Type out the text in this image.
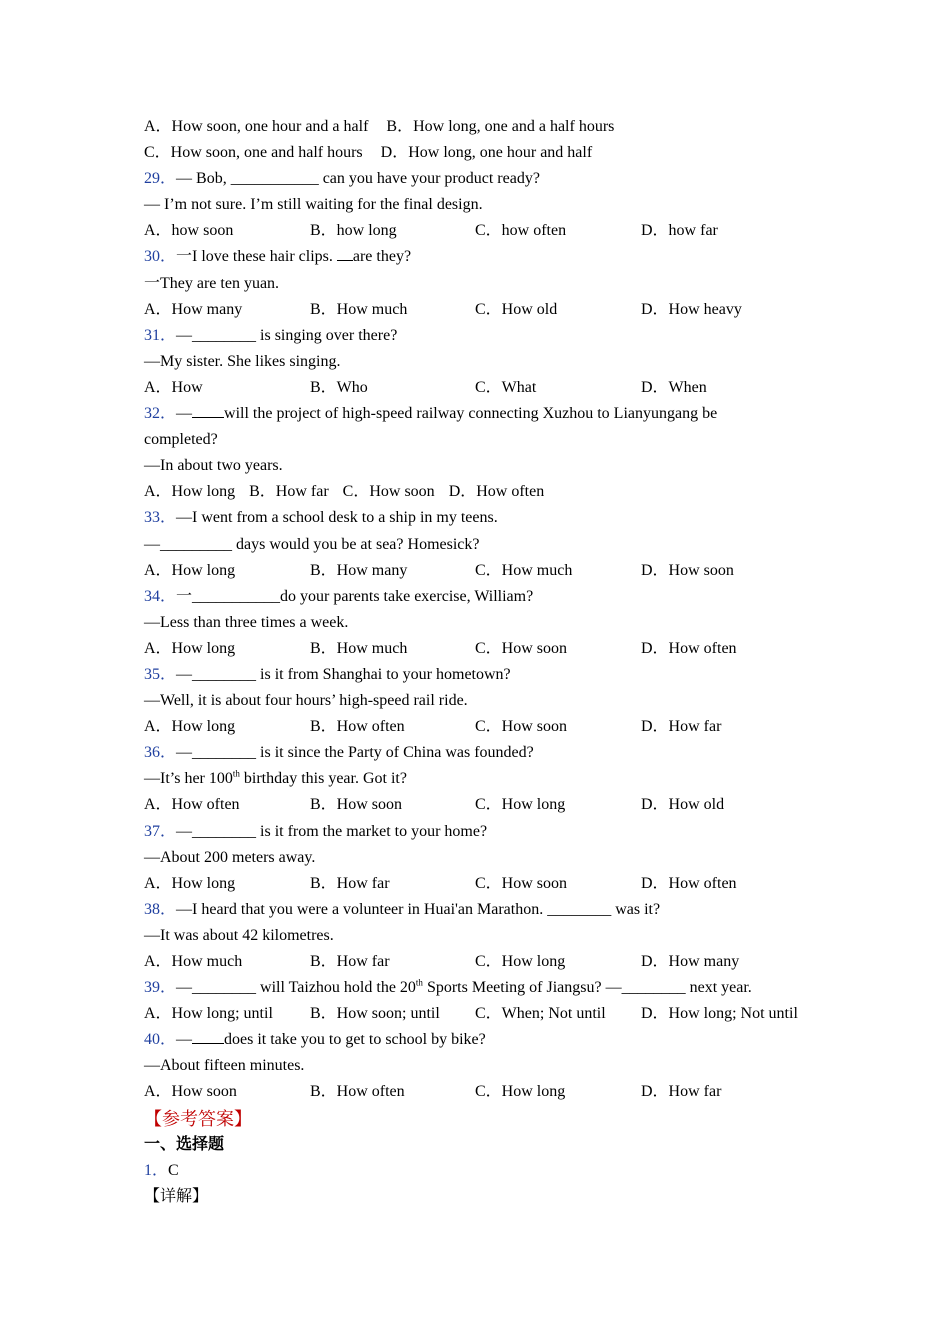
A．How soon, one hour and a half B．How long, one and a half hours
C．How soon, one and half hours D．How long, one hour and half
29．— Bob, ___________ can you have your product ready?
— I’m not sure. I’m still waiting for the final design.
A．how soon	B．how long	C．how often	D．how far
30．一I love these hair clips. are they?
一They are ten yuan.
A．How many	B．How much	C．How old	D．How heavy
31．—________ is singing over there?
—My sister. She likes singing.
A．How	B．Who	C．What	D．When
32．— will the project of high-speed railway connecting Xuzhou to Lianyungang be
completed?
—In about two years.
A．How long B．How far C．How soon D．How often
33．—I went from a school desk to a ship in my teens.
—_________ days would you be at sea? Homesick?
A．How long	B．How many	C．How much	D．How soon
34．一___________do your parents take exercise, William?
—Less than three times a week.
A．How long	B．How much	C．How soon	D．How often
35．—________ is it from Shanghai to your hometown?
—Well, it is about four hours’ high-speed rail ride.
A．How long	B．How often	C．How soon	D．How far
36．—________ is it since the Party of China was founded?
—It’s her 100th birthday this year. Got it?
A．How often	B．How soon	C．How long	D．How old
37．—________ is it from the market to your home?
—About 200 meters away.
A．How long	B．How far	C．How soon	D．How often
38．—I heard that you were a volunteer in Huai'an Marathon. ________ was it?
—It was about 42 kilometres.
A．How much	B．How far	C．How long	D．How many
39．—________ will Taizhou hold the 20th Sports Meeting of Jiangsu? —________ next year.
A．How long; until B．How soon; until C．When; Not until D．How long; Not until
40．— does it take you to get to school by bike?
—About fifteen minutes.
A．How soon	B．How often	C．How long	D．How far
【参考答案】
一、选择题
1．C
【详解】
